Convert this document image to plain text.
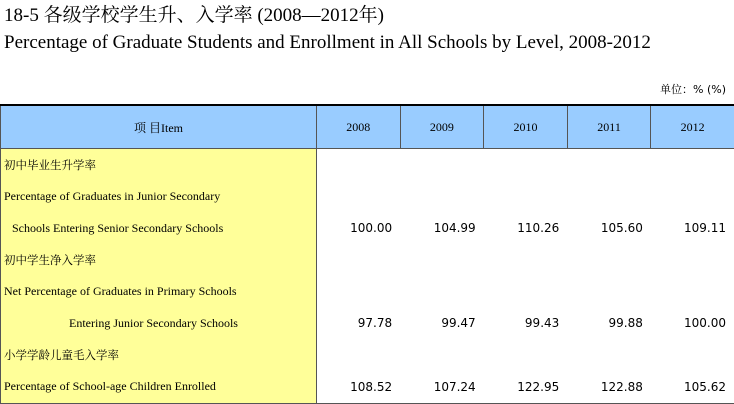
18-5 各级学校学生升、入学率 (2008—2012年)
Percentage of Graduate Students and Enrollment in All Schools by Level, 2008-2012
单位：% (%)
项 目Item	2008	2009	2010	2011	2012
初中毕业生升学率					
Percentage of Graduates in Junior Secondary					
Schools Entering Senior Secondary Schools	100.00	104.99	110.26	105.60	109.11
初中学生净入学率					
Net Percentage of Graduates in Primary Schools					
Entering Junior Secondary Schools	97.78	99.47	99.43	99.88	100.00
小学学龄儿童毛入学率					
Percentage of School-age Children Enrolled	108.52	107.24	122.95	122.88	105.62
